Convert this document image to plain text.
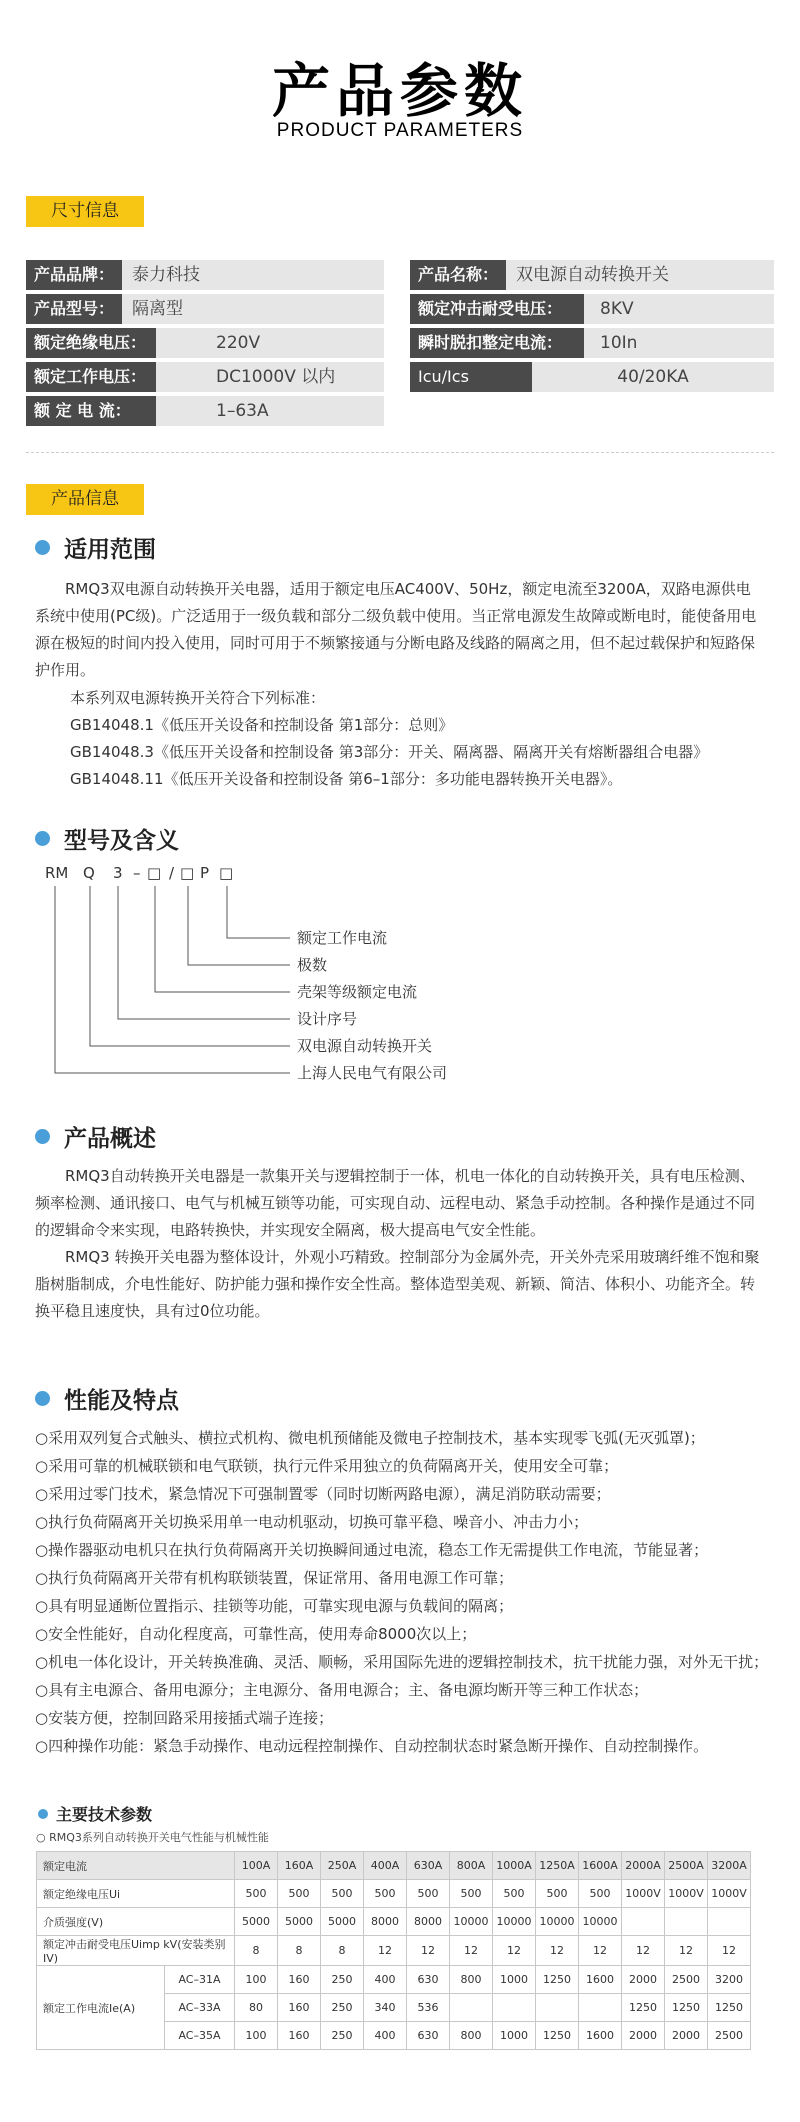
产品参数
PRODUCT PARAMETERS
尺寸信息
产品品牌：	泰力科技
产品型号：	隔离型
额定绝缘电压：	220V
额定工作电压：	DC1000V 以内
额 定 电 流：	1–63A
产品名称：	双电源自动转换开关
额定冲击耐受电压：	8KV
瞬时脱扣整定电流：	10In
Icu/Ics	40/20KA
产品信息
适用范围

RMQ3双电源自动转换开关电器，适用于额定电压AC400V、50Hz，额定电流至3200A，双路电源供电系统中使用(PC级)。广泛适用于一级负载和部分二级负载中使用。当正常电源发生故障或断电时，能使备用电源在极短的时间内投入使用，同时可用于不频繁接通与分断电路及线路的隔离之用，但不起过载保护和短路保护作用。

本系列双电源转换开关符合下列标准：
GB14048.1《低压开关设备和控制设备 第1部分：总则》
GB14048.3《低压开关设备和控制设备 第3部分：开关、隔离器、隔离开关有熔断器组合电器》
GB14048.11《低压开关设备和控制设备 第6–1部分：多功能电器转换开关电器》。
型号及含义
RM Q 3 – □ / □ P □
额定工作电流
极数
壳架等级额定电流
设计序号
双电源自动转换开关
上海人民电气有限公司
产品概述

RMQ3自动转换开关电器是一款集开关与逻辑控制于一体，机电一体化的自动转换开关，具有电压检测、频率检测、通讯接口、电气与机械互锁等功能，可实现自动、远程电动、紧急手动控制。各种操作是通过不同的逻辑命令来实现，电路转换快，并实现安全隔离，极大提高电气安全性能。

RMQ3 转换开关电器为整体设计，外观小巧精致。控制部分为金属外壳，开关外壳采用玻璃纤维不饱和聚脂树脂制成，介电性能好、防护能力强和操作安全性高。整体造型美观、新颖、简洁、体积小、功能齐全。转换平稳且速度快，具有过0位功能。

性能及特点
○采用双列复合式触头、横拉式机构、微电机预储能及微电子控制技术，基本实现零飞弧(无灭弧罩)；
○采用可靠的机械联锁和电气联锁，执行元件采用独立的负荷隔离开关，使用安全可靠；
○采用过零门技术，紧急情况下可强制置零（同时切断两路电源），满足消防联动需要；
○执行负荷隔离开关切换采用单一电动机驱动，切换可靠平稳、噪音小、冲击力小；
○操作器驱动电机只在执行负荷隔离开关切换瞬间通过电流，稳态工作无需提供工作电流，节能显著；
○执行负荷隔离开关带有机构联锁装置，保证常用、备用电源工作可靠；
○具有明显通断位置指示、挂锁等功能，可靠实现电源与负载间的隔离；
○安全性能好，自动化程度高，可靠性高，使用寿命8000次以上；
○机电一体化设计，开关转换准确、灵活、顺畅，采用国际先进的逻辑控制技术，抗干扰能力强，对外无干扰；
○具有主电源合、备用电源分；主电源分、备用电源合；主、备电源均断开等三种工作状态；
○安装方便，控制回路采用接插式端子连接；
○四种操作功能：紧急手动操作、电动远程控制操作、自动控制状态时紧急断开操作、自动控制操作。
主要技术参数
○ RMQ3系列自动转换开关电气性能与机械性能
额定电流		100A	160A	250A	400A	630A	800A	1000A	1250A	1600A	2000A	2500A	3200A
额定绝缘电压Ui		500	500	500	500	500	500	500	500	500	1000V	1000V	1000V
介质强度(V)		5000	5000	5000	8000	8000	10000	10000	10000	10000			
额定冲击耐受电压Uimp kV(安装类别IV)		8	8	8	12	12	12	12	12	12	12	12	12
额定工作电流Ie(A)	AC–31A	100	160	250	400	630	800	1000	1250	1600	2000	2500	3200
	AC–33A	80	160	250	340	536					1250	1250	1250
	AC–35A	100	160	250	400	630	800	1000	1250	1600	2000	2000	2500
